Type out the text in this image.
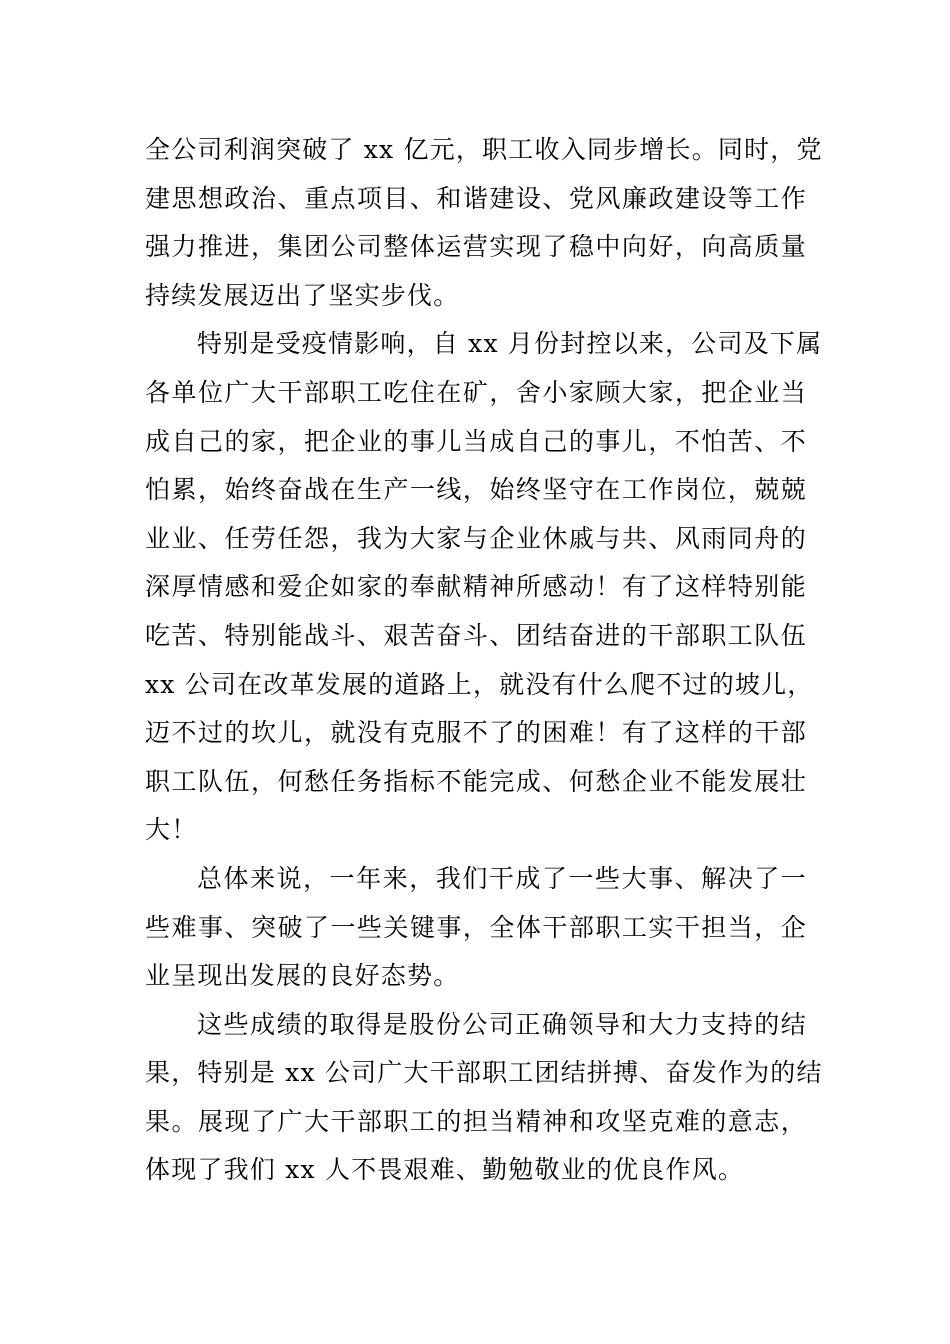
全公司利润突破了 xx 亿元，职工收入同步增长。同时，党
建思想政治、重点项目、和谐建设、党风廉政建设等工作
强力推进，集团公司整体运营实现了稳中向好，向高质量
持续发展迈出了坚实步伐。
特别是受疫情影响，自 xx 月份封控以来，公司及下属
各单位广大干部职工吃住在矿，舍小家顾大家，把企业当
成自己的家，把企业的事儿当成自己的事儿，不怕苦、不
怕累，始终奋战在生产一线，始终坚守在工作岗位，兢兢
业业、任劳任怨，我为大家与企业休戚与共、风雨同舟的
深厚情感和爱企如家的奉献精神所感动！有了这样特别能
吃苦、特别能战斗、艰苦奋斗、团结奋进的干部职工队伍
xx 公司在改革发展的道路上，就没有什么爬不过的坡儿，
迈不过的坎儿，就没有克服不了的困难！有了这样的干部
职工队伍，何愁任务指标不能完成、何愁企业不能发展壮
大！
总体来说，一年来，我们干成了一些大事、解决了一
些难事、突破了一些关键事，全体干部职工实干担当，企
业呈现出发展的良好态势。
这些成绩的取得是股份公司正确领导和大力支持的结
果，特别是 xx 公司广大干部职工团结拼搏、奋发作为的结
果。展现了广大干部职工的担当精神和攻坚克难的意志，
体现了我们 xx 人不畏艰难、勤勉敬业的优良作风。
